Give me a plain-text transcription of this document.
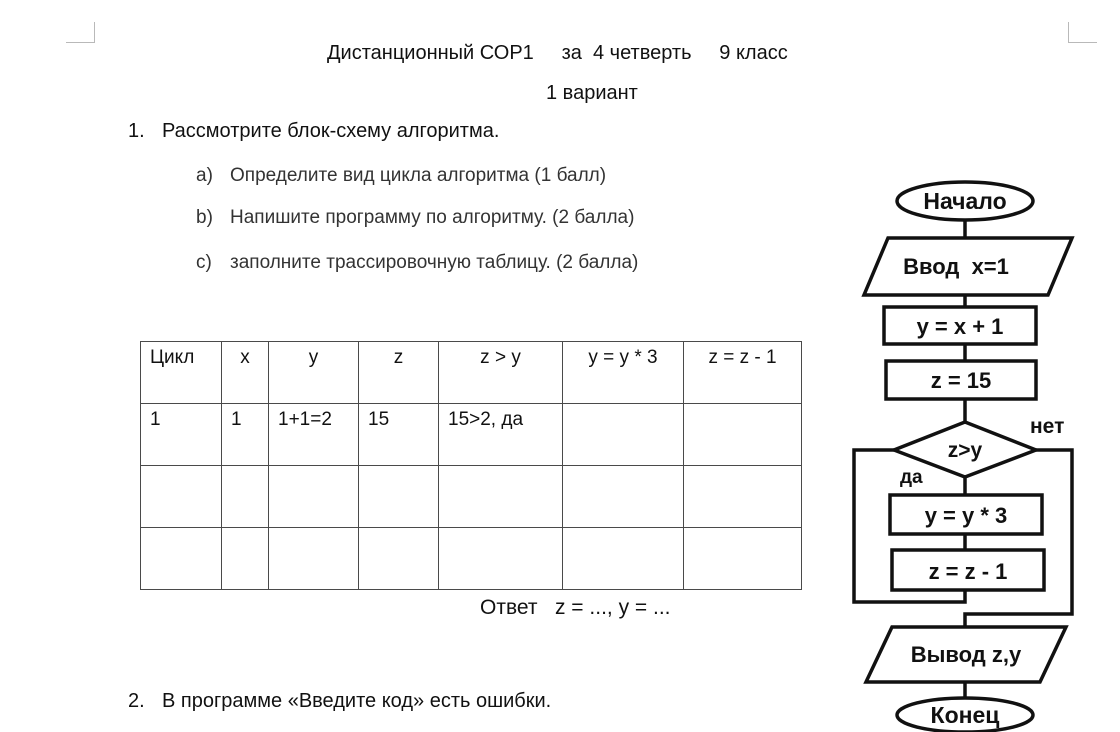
Дистанционный СОР1     за  4 четверть     9 класс
1 вариант
1. Рассмотрите блок-схему алгоритма.
a) Определите вид цикла алгоритма (1 балл)
b) Напишите программу по алгоритму. (2 балла)
c) заполните трассировочную таблицу. (2 балла)
Цикл	x	y	z	z > y	y = y * 3	z = z - 1

1	1	1+1=2	15	15>2, да		

Ответ   z = ..., y = ...
2. В программе «Введите код» есть ошибки.
Начало
Ввод  x=1
y = x + 1
z = 15
z>y
да
нет
y = y * 3
z = z - 1
Вывод z,y
Конец
